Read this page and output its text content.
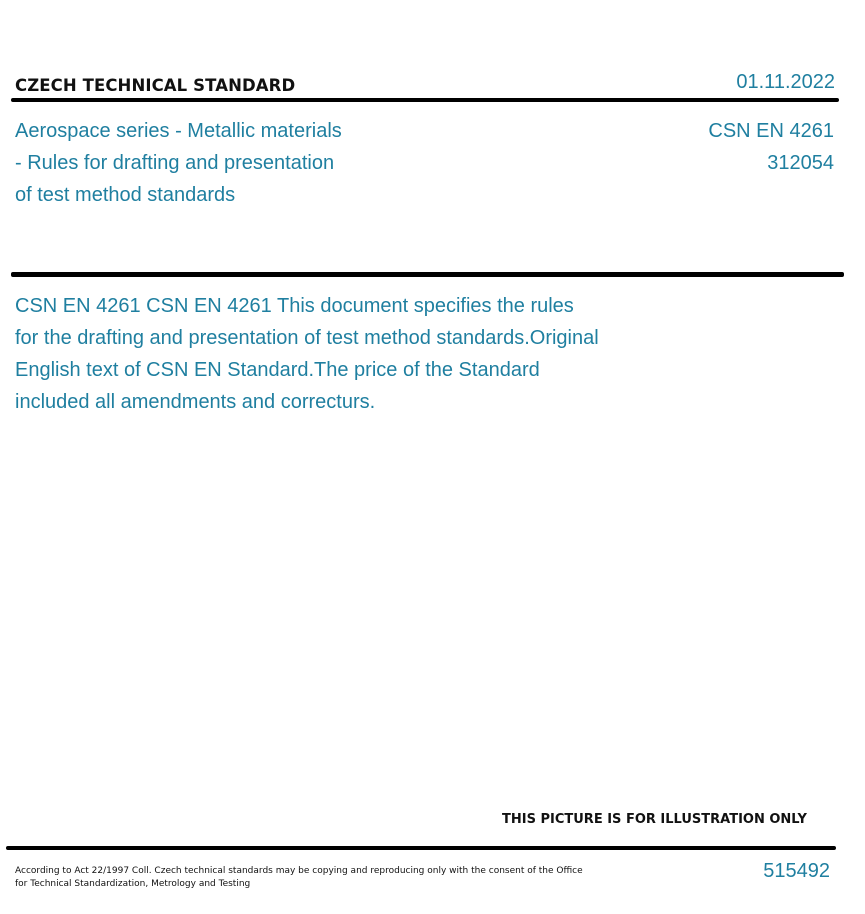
CZECH TECHNICAL STANDARD	01.11.2022
Aerospace series - Metallic materials
- Rules for drafting and presentation
of test method standards
CSN EN 4261
312054
CSN EN 4261 CSN EN 4261 This document specifies the rules
for the drafting and presentation of test method standards.Original
English text of CSN EN Standard.The price of the Standard
included all amendments and correcturs.
THIS PICTURE IS FOR ILLUSTRATION ONLY
According to Act 22/1997 Coll. Czech technical standards may be copying and reproducing only with the consent of the Office
for Technical Standardization, Metrology and Testing
515492
